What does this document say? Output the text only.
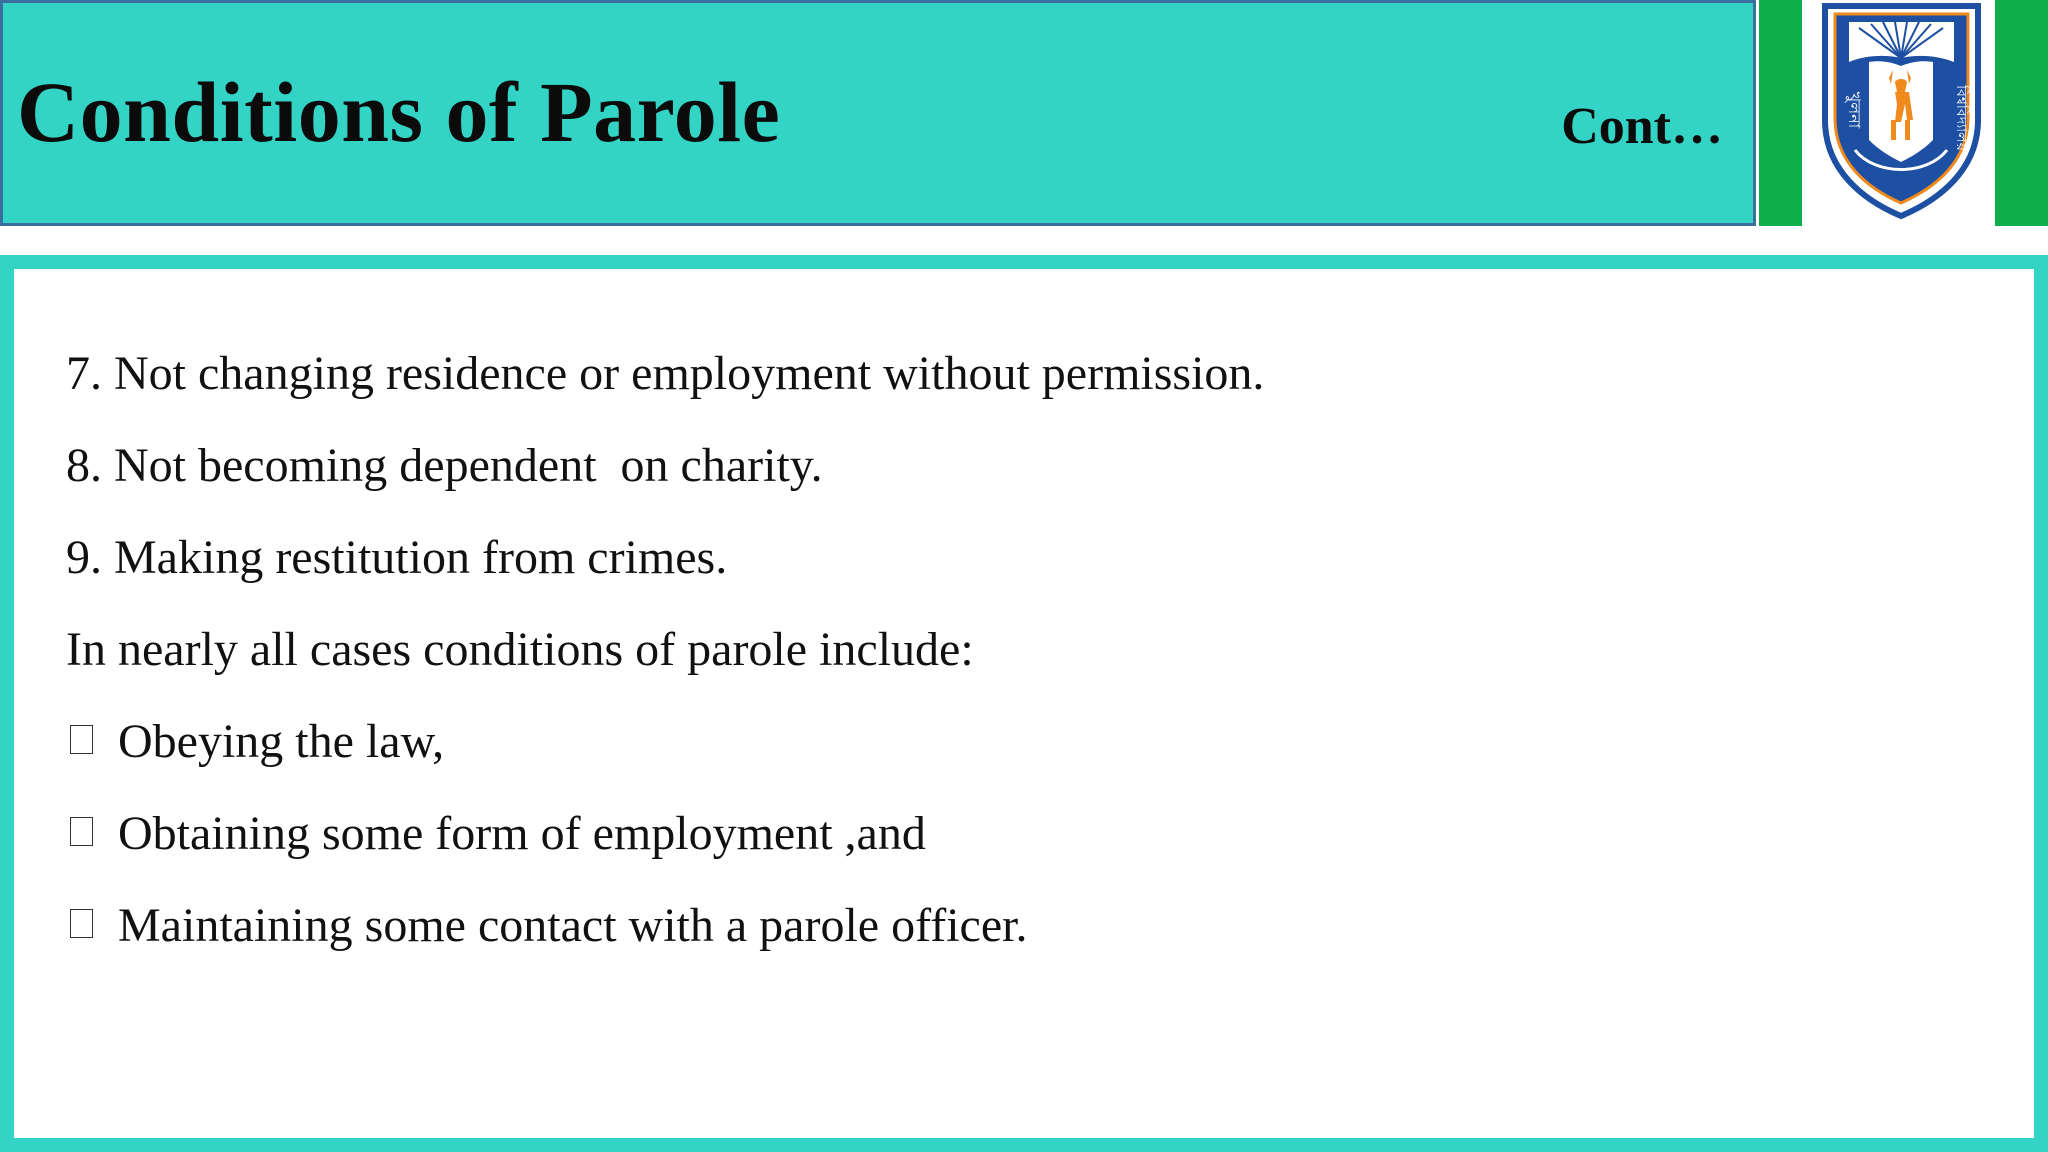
Conditions of Parole	Cont…	খুলনা	বিশ্ববিদ্যালয়
7. Not changing residence or employment without permission.
8. Not becoming dependent  on charity.
9. Making restitution from crimes.
In nearly all cases conditions of parole include:
Obeying the law,
Obtaining some form of employment ,and
Maintaining some contact with a parole officer.
